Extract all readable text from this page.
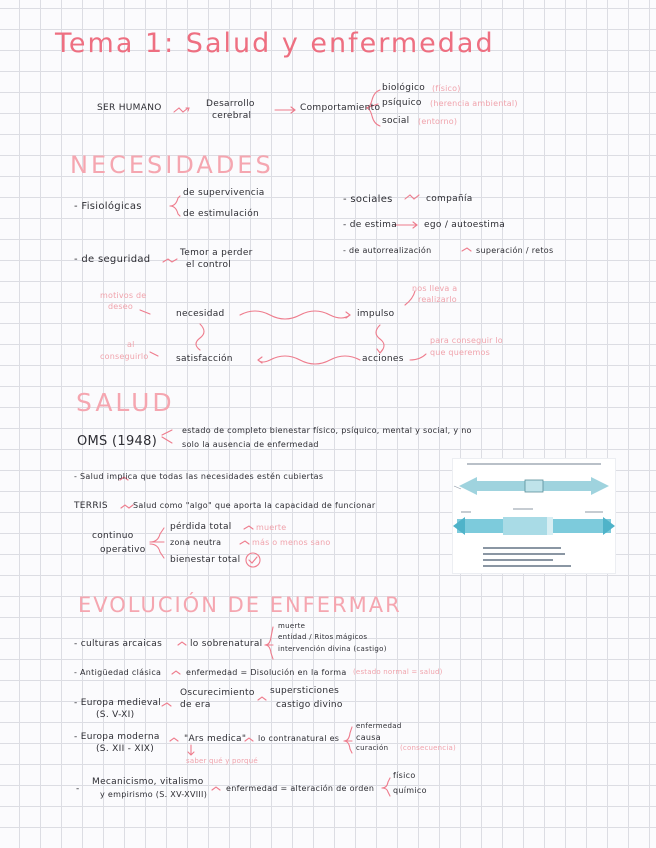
Tema 1: Salud y enfermedad
SER HUMANO	Desarrollo
cerebral
Comportamiento
biológico (físico)
psíquico (herencia ambiental)
social (entorno)
NECESIDADES
- Fisiológicas
de supervivencia
de estimulación
- de seguridad
Temor a perder
el control
- sociales	compañía
- de estima	ego / autoestima
- de autorrealización	superación / retos
necesidad	impulso
acciones
satisfacción
motivos de
deseo
nos lleva a
realizarlo
para conseguir lo
que queremos
al
conseguirlo
SALUD
OMS (1948)
estado de completo bienestar físico, psíquico, mental y social, y no
solo la ausencia de enfermedad
- Salud implica que todas las necesidades estén cubiertas
TERRIS	Salud como "algo" que aporta la capacidad de funcionar
continuo
operativo
pérdida total	muerte
zona neutra	más o menos sano
bienestar total
EVOLUCIÓN DE ENFERMAR
- culturas arcaicas	lo sobrenatural
muerte
entidad / Ritos mágicos
intervención divina (castigo)
- Antigüedad clásica	enfermedad = Disolución en la forma (estado normal = salud)
- Europa medieval
(S. V-XI)
Oscurecimiento
de era
supersticiones
castigo divino
- Europa moderna
(S. XII - XIX)
"Ars medica"
saber qué y porqué
lo contranatural es
enfermedad
causa
curación (consecuencia)
Mecanicismo, vitalismo
y empirismo (S. XV-XVIII)
-	enfermedad = alteración de orden
físico
químico
